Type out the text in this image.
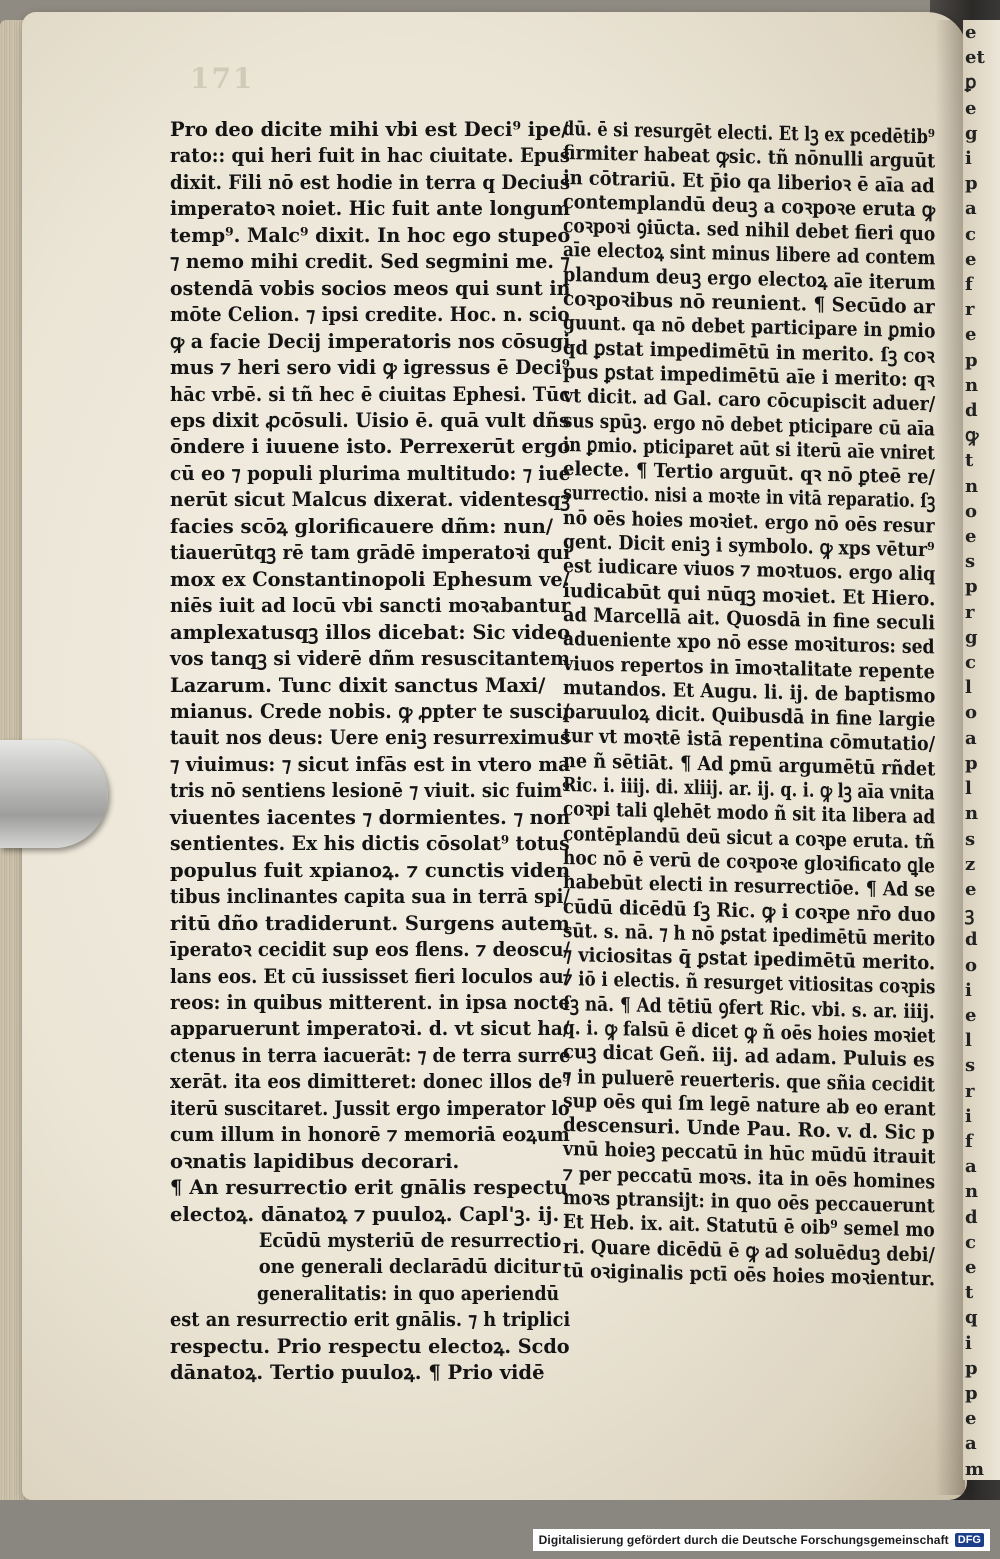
e
et
ꝑ
e
g
i
p
a
c
e
f
r
e
p
n
d
ꝙ
t
n
o
e
s
p
r
g
c
l
o
a
p
l
n
s
z
e
ꝫ
d
o
i
e
l
s
r
i
f
a
n
d
c
e
t
q
i
p
p
e
a
m
171
Pro deo dicite mihi vbi est Deci⁹ ipe/
rato:: qui heri fuit in hac ciuitate. Epus
dixit. Fili nō est hodie in terra q Decius
imperatoꝛ noiet. Hic fuit ante longum
temp⁹. Malc⁹ dixit. In hoc ego stupeo
⁊ nemo mihi credit. Sed segmini me. ⁊
ostendā vobis socios meos qui sunt in
mōte Celion. ⁊ ipsi credite. Hoc. n. scio
ꝙ a facie Decij imperatoris nos cōsugi
mus ⁊ heri sero vidi ꝙ igressus ē Deci⁹
hāc vrbē. si tñ hec ē ciuitas Ephesi. Tūc
eps dixit ꝓcōsuli. Uisio ē. quā vult dñs
ōndere i iuuene isto. Perrexerūt ergo
cū eo ⁊ populi plurima multitudo: ⁊ iue
nerūt sicut Malcus dixerat. videntesqꝫ
facies scōꝝ glorificauere dñm: nun/
tiauerūtqꝫ rē tam grādē imperatoꝛi qui
mox ex Constantinopoli Ephesum ve/
niēs iuit ad locū vbi sancti moꝛabantur
amplexatusqꝫ illos dicebat: Sic video
vos tanqꝫ si viderē dñm resuscitantem
Lazarum. Tunc dixit sanctus Maxi/
mianus. Crede nobis. ꝙ ꝓpter te susci/
tauit nos deus: Uere eniꝫ resurreximus
⁊ viuimus: ⁊ sicut infās est in vtero ma
tris nō sentiens lesionē ⁊ viuit. sic fuim⁹
viuentes iacentes ⁊ dormientes. ⁊ non
sentientes. Ex his dictis cōsolat⁹ totus
populus fuit xpianoꝝ. ⁊ cunctis viden
tibus inclinantes capita sua in terrā spi/
ritū dño tradiderunt. Surgens autem
īperatoꝛ cecidit sup eos flens. ⁊ deoscu/
lans eos. Et cū iussisset fieri loculos au/
reos: in quibus mitterent. in ipsa nocte
apparuerunt imperatoꝛi. d. vt sicut ha/
ctenus in terra iacuerāt: ⁊ de terra surre
xerāt. ita eos dimitteret: donec illos de⁹
iterū suscitaret. Jussit ergo imperator lo
cum illum in honorē ⁊ memoriā eoꝝum
oꝛnatis lapidibus decorari.
¶ An resurrectio erit gnālis respectu
electoꝝ. dānatoꝝ ⁊ puuloꝝ. Capl'ꝫ. ij.
Ecūdū mysteriū de resurrectio
one generali declarādū dicitur
generalitatis: in quo aperiendū
est an resurrectio erit gnālis. ⁊ h triplici
respectu. Prio respectu electoꝝ. Scdo
dānatoꝝ. Tertio puuloꝝ. ¶ Prio vidē
dū. ē si resurgēt electi. Et lꝫ ex pcedētib⁹
firmiter habeat ꝙsic. tñ nōnulli arguūt
in cōtrariū. Et p̄io qa liberioꝛ ē aīa ad
contemplandū deuꝫ a coꝛpoꝛe eruta ꝙ
coꝛpoꝛi ꝯiūcta. sed nihil debet fieri quo
aīe electoꝝ sint minus libere ad contem
plandum deuꝫ ergo electoꝝ aīe iterum
coꝛpoꝛibus nō reunient. ¶ Secūdo ar
guunt. qa nō debet participare in ꝑmio
qd ꝑstat impedimētū in merito. ſꝫ coꝛ
pus ꝑstat impedimētū aīe i merito: qꝛ
vt dicit. ad Gal. caro cōcupiscit aduer/
sus spūꝫ. ergo nō debet pticipare cū aīa
in ꝑmio. pticiparet aūt si iterū aīe vniret
electe. ¶ Tertio arguūt. qꝛ nō ꝑteē re/
surrectio. nisi a moꝛte in vitā reparatio. ſꝫ
nō oēs hoies moꝛiet. ergo nō oēs resur
gent. Dicit eniꝫ i symbolo. ꝙ xps vētur⁹
est iudicare viuos ⁊ moꝛtuos. ergo aliq
iudicabūt qui nūqꝫ moꝛiet. Et Hiero.
ad Marcellā ait. Quosdā in fine seculi
adueniente xpo nō esse moꝛituros: sed
viuos repertos in īmoꝛtalitate repente
mutandos. Et Augu. li. ij. de baptismo
paruuloꝝ dicit. Quibusdā in fine largie
tur vt moꝛtē istā repentina cōmutatio/
ne ñ sētiāt. ¶ Ad ꝑmū argumētū rñdet
Ric. i. iiij. di. xliij. ar. ij. q. i. ꝙ lꝫ aīa vnita
coꝛpi tali ꝗlehēt modo ñ sit ita libera ad
contēplandū deū sicut a coꝛpe eruta. tñ
hoc nō ē verū de coꝛpoꝛe gloꝛificato ꝗle
habebūt electi in resurrectiōe. ¶ Ad se
cūdū dicēdū ſꝫ Ric. ꝙ i coꝛpe nr̄o duo
sūt. s. nā. ⁊ h nō ꝑstat ipedimētū merito
⁊ viciositas q̄ ꝑstat ipedimētū merito.
⁊ iō i electis. ñ resurget vitiositas coꝛpis
ſꝫ nā. ¶ Ad tētiū ꝯfert Ric. vbi. s. ar. iiij.
q. i. ꝙ falsū ē dicet ꝙ ñ oēs hoies moꝛiet
cuꝫ dicat Geñ. iij. ad adam. Puluis es
⁊ in puluerē reuerteris. que sñia cecidit
sup oēs qui ſm legē nature ab eo erant
descensuri. Unde Pau. Ro. v. d. Sic p
vnū hoieꝫ peccatū in hūc mūdū itrauit
⁊ per peccatū moꝛs. ita in oēs homines
moꝛs ptransijt: in quo oēs peccauerunt
Et Heb. ix. ait. Statutū ē oib⁹ semel mo
ri. Quare dicēdū ē ꝙ ad soluēduꝫ debi/
tū oꝛiginalis pctī oēs hoies moꝛientur.
Digitalisierung gefördert durch die Deutsche Forschungsgemeinschaft DFG
